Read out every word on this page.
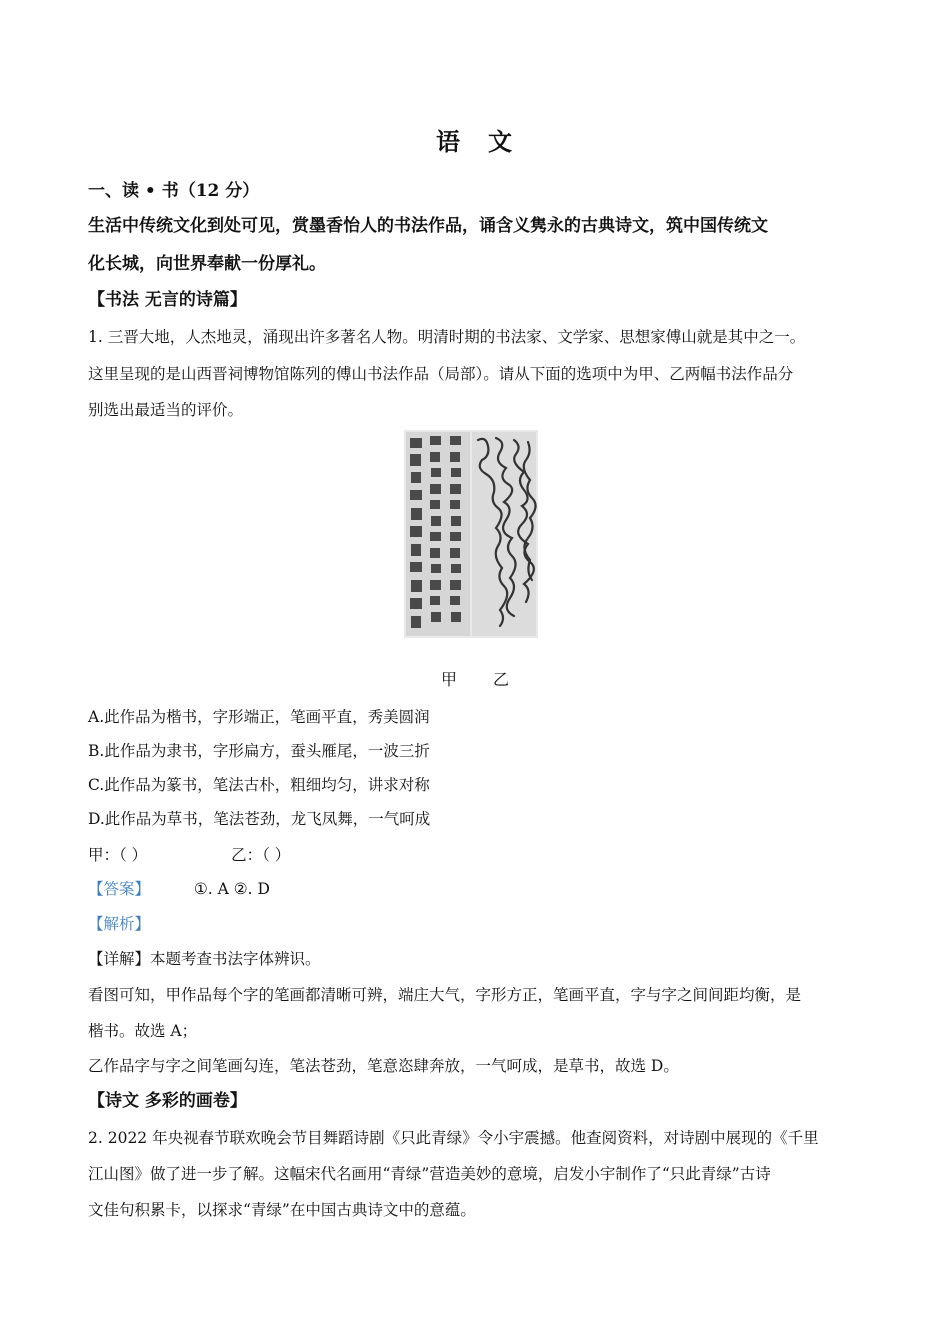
语　文
一、读 • 书（12 分）
生活中传统文化到处可见，赏墨香怡人的书法作品，诵含义隽永的古典诗文，筑中国传统文
化长城，向世界奉献一份厚礼。
【书法 无言的诗篇】
1. 三晋大地，人杰地灵，涌现出许多著名人物。明清时期的书法家、文学家、思想家傅山就是其中之一。
这里呈现的是山西晋祠博物馆陈列的傅山书法作品（局部）。请从下面的选项中为甲、乙两幅书法作品分
别选出最适当的评价。
甲 乙
A.此作品为楷书，字形端正，笔画平直，秀美圆润
B.此作品为隶书，字形扁方，蚕头雁尾，一波三折
C.此作品为篆书，笔法古朴，粗细均匀，讲求对称
D.此作品为草书，笔法苍劲，龙飞凤舞，一气呵成
甲：（ ）	乙：（ ）
【答案】	①. A ②. D
【解析】
【详解】本题考查书法字体辨识。
看图可知，甲作品每个字的笔画都清晰可辨，端庄大气，字形方正，笔画平直，字与字之间间距均衡，是
楷书。故选 A；
乙作品字与字之间笔画勾连，笔法苍劲，笔意恣肆奔放，一气呵成，是草书，故选 D。
【诗文 多彩的画卷】
2. 2022 年央视春节联欢晚会节目舞蹈诗剧《只此青绿》令小宇震撼。他查阅资料，对诗剧中展现的《千里
江山图》做了进一步了解。这幅宋代名画用“青绿”营造美妙的意境，启发小宇制作了“只此青绿”古诗
文佳句积累卡，以探求“青绿”在中国古典诗文中的意蕴。
